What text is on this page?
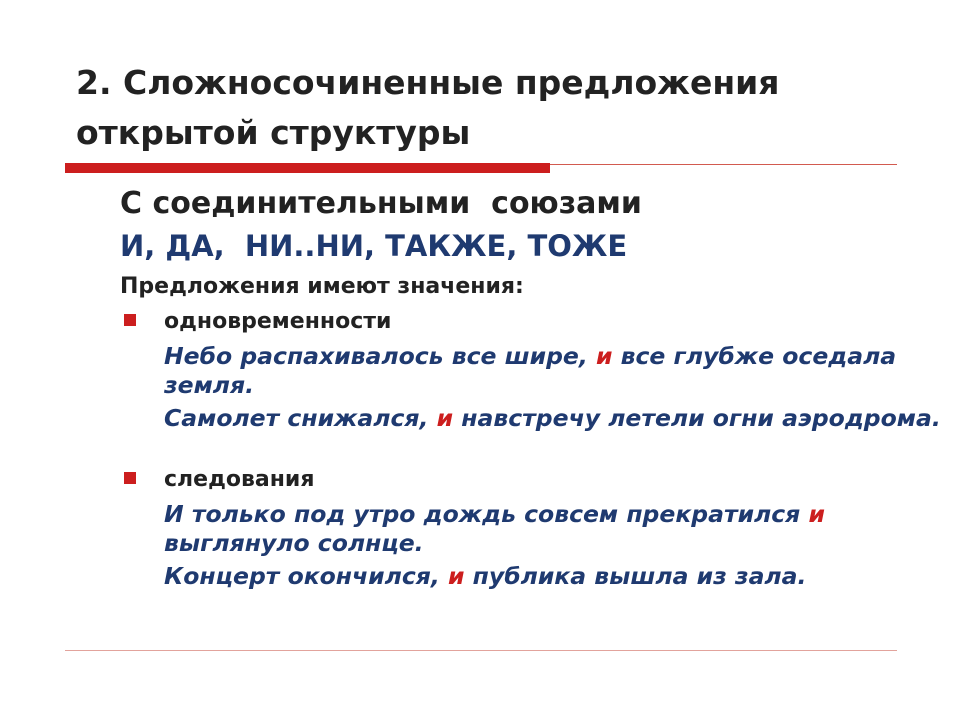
2. Сложносочиненные предложения
открытой структуры
С соединительными  союзами
И, ДА,  НИ..НИ, ТАКЖЕ, ТОЖЕ
Предложения имеют значения:
одновременности
Небо распахивалось все шире, и все глубже оседала земля.
Самолет снижался, и навстречу летели огни аэродрома.
следования
И только под утро дождь совсем прекратился и выглянуло солнце.
Концерт окончился, и публика вышла из зала.
